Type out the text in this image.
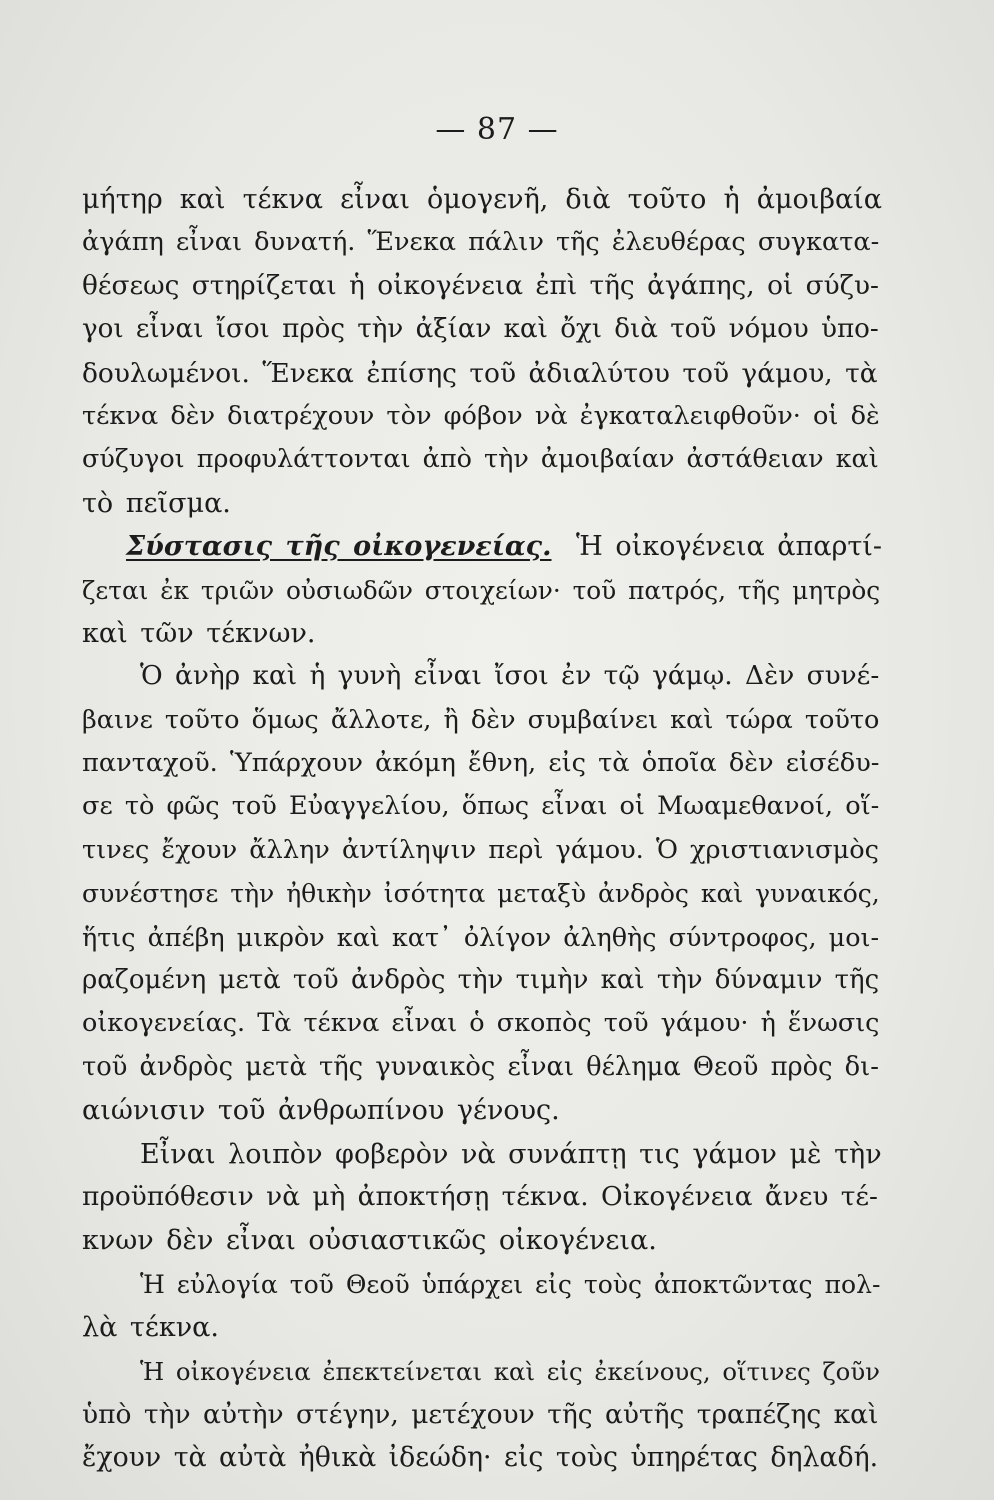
— 87 —
μήτηρ καὶ τέκνα εἶναι ὁμογενῆ, διὰ τοῦτο ἡ ἀμοιβαία
ἀγάπη εἶναι δυνατή. Ἕνεκα πάλιν τῆς ἐλευθέρας συγκατα-
θέσεως στηρίζεται ἡ οἰκογένεια ἐπὶ τῆς ἀγάπης, οἱ σύζυ-
γοι εἶναι ἴσοι πρὸς τὴν ἀξίαν καὶ ὄχι διὰ τοῦ νόμου ὑπο-
δουλωμένοι. Ἕνεκα ἐπίσης τοῦ ἀδιαλύτου τοῦ γάμου, τὰ
τέκνα δὲν διατρέχουν τὸν φόβον νὰ ἐγκαταλειφθοῦν· οἱ δὲ
σύζυγοι προφυλάττονται ἀπὸ τὴν ἀμοιβαίαν ἀστάθειαν καὶ
τὸ πεῖσμα.
Σύστασις τῆς οἰκογενείας. Ἡ οἰκογένεια ἀπαρτί-
ζεται ἐκ τριῶν οὐσιωδῶν στοιχείων· τοῦ πατρός, τῆς μητρὸς
καὶ τῶν τέκνων.
Ὁ ἀνὴρ καὶ ἡ γυνὴ εἶναι ἴσοι ἐν τῷ γάμῳ. Δὲν συνέ-
βαινε τοῦτο ὅμως ἄλλοτε, ἢ δὲν συμβαίνει καὶ τώρα τοῦτο
πανταχοῦ. Ὑπάρχουν ἀκόμη ἔθνη, εἰς τὰ ὁποῖα δὲν εἰσέδυ-
σε τὸ φῶς τοῦ Εὐαγγελίου, ὅπως εἶναι οἱ Μωαμεθανοί, οἵ-
τινες ἔχουν ἄλλην ἀντίληψιν περὶ γάμου. Ὁ χριστιανισμὸς
συνέστησε τὴν ἠθικὴν ἰσότητα μεταξὺ ἀνδρὸς καὶ γυναικός,
ἥτις ἀπέβη μικρὸν καὶ κατ᾽ ὀλίγον ἀληθὴς σύντροφος, μοι-
ραζομένη μετὰ τοῦ ἀνδρὸς τὴν τιμὴν καὶ τὴν δύναμιν τῆς
οἰκογενείας. Τὰ τέκνα εἶναι ὁ σκοπὸς τοῦ γάμου· ἡ ἕνωσις
τοῦ ἀνδρὸς μετὰ τῆς γυναικὸς εἶναι θέλημα Θεοῦ πρὸς δι-
αιώνισιν τοῦ ἀνθρωπίνου γένους.
Εἶναι λοιπὸν φοβερὸν νὰ συνάπτῃ τις γάμον μὲ τὴν
προϋπόθεσιν νὰ μὴ ἀποκτήσῃ τέκνα. Οἰκογένεια ἄνευ τέ-
κνων δὲν εἶναι οὐσιαστικῶς οἰκογένεια.
Ἡ εὐλογία τοῦ Θεοῦ ὑπάρχει εἰς τοὺς ἀποκτῶντας πολ-
λὰ τέκνα.
Ἡ οἰκογένεια ἐπεκτείνεται καὶ εἰς ἐκείνους, οἵτινες ζοῦν
ὑπὸ τὴν αὐτὴν στέγην, μετέχουν τῆς αὐτῆς τραπέζης καὶ
ἔχουν τὰ αὐτὰ ἠθικὰ ἰδεώδη· εἰς τοὺς ὑπηρέτας δηλαδή.
